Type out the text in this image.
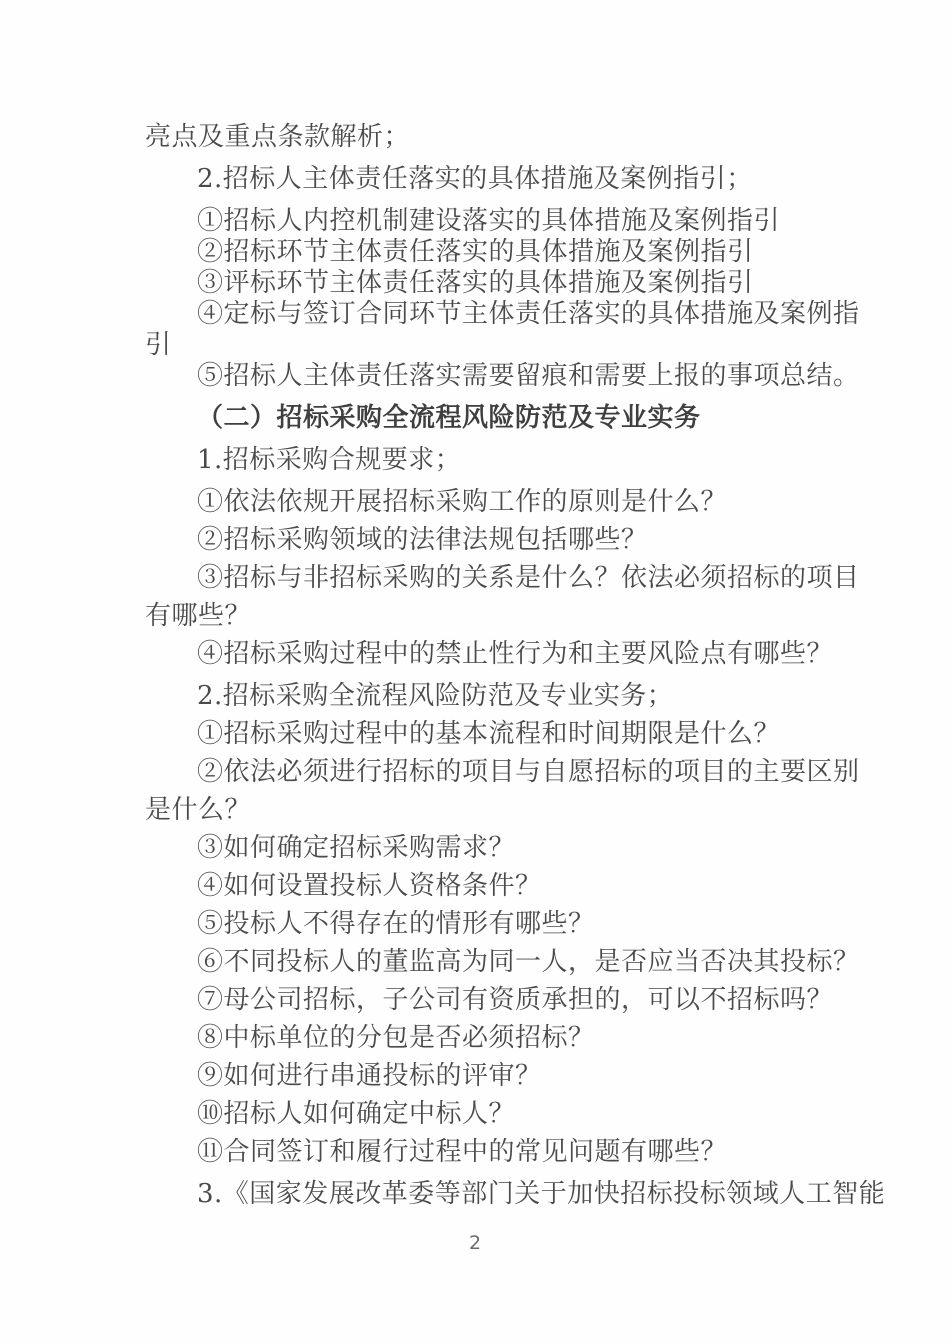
亮点及重点条款解析；
2.招标人主体责任落实的具体措施及案例指引；
①招标人内控机制建设落实的具体措施及案例指引
②招标环节主体责任落实的具体措施及案例指引
③评标环节主体责任落实的具体措施及案例指引
④定标与签订合同环节主体责任落实的具体措施及案例指
引
⑤招标人主体责任落实需要留痕和需要上报的事项总结。
（二）招标采购全流程风险防范及专业实务
1.招标采购合规要求；
①依法依规开展招标采购工作的原则是什么？
②招标采购领域的法律法规包括哪些？
③招标与非招标采购的关系是什么？依法必须招标的项目
有哪些？
④招标采购过程中的禁止性行为和主要风险点有哪些？
2.招标采购全流程风险防范及专业实务；
①招标采购过程中的基本流程和时间期限是什么？
②依法必须进行招标的项目与自愿招标的项目的主要区别
是什么？
③如何确定招标采购需求？
④如何设置投标人资格条件？
⑤投标人不得存在的情形有哪些？
⑥不同投标人的董监高为同一人，是否应当否决其投标？
⑦母公司招标，子公司有资质承担的，可以不招标吗？
⑧中标单位的分包是否必须招标？
⑨如何进行串通投标的评审？
⑩招标人如何确定中标人？
⑪合同签订和履行过程中的常见问题有哪些？
3.《国家发展改革委等部门关于加快招标投标领域人工智能
2
